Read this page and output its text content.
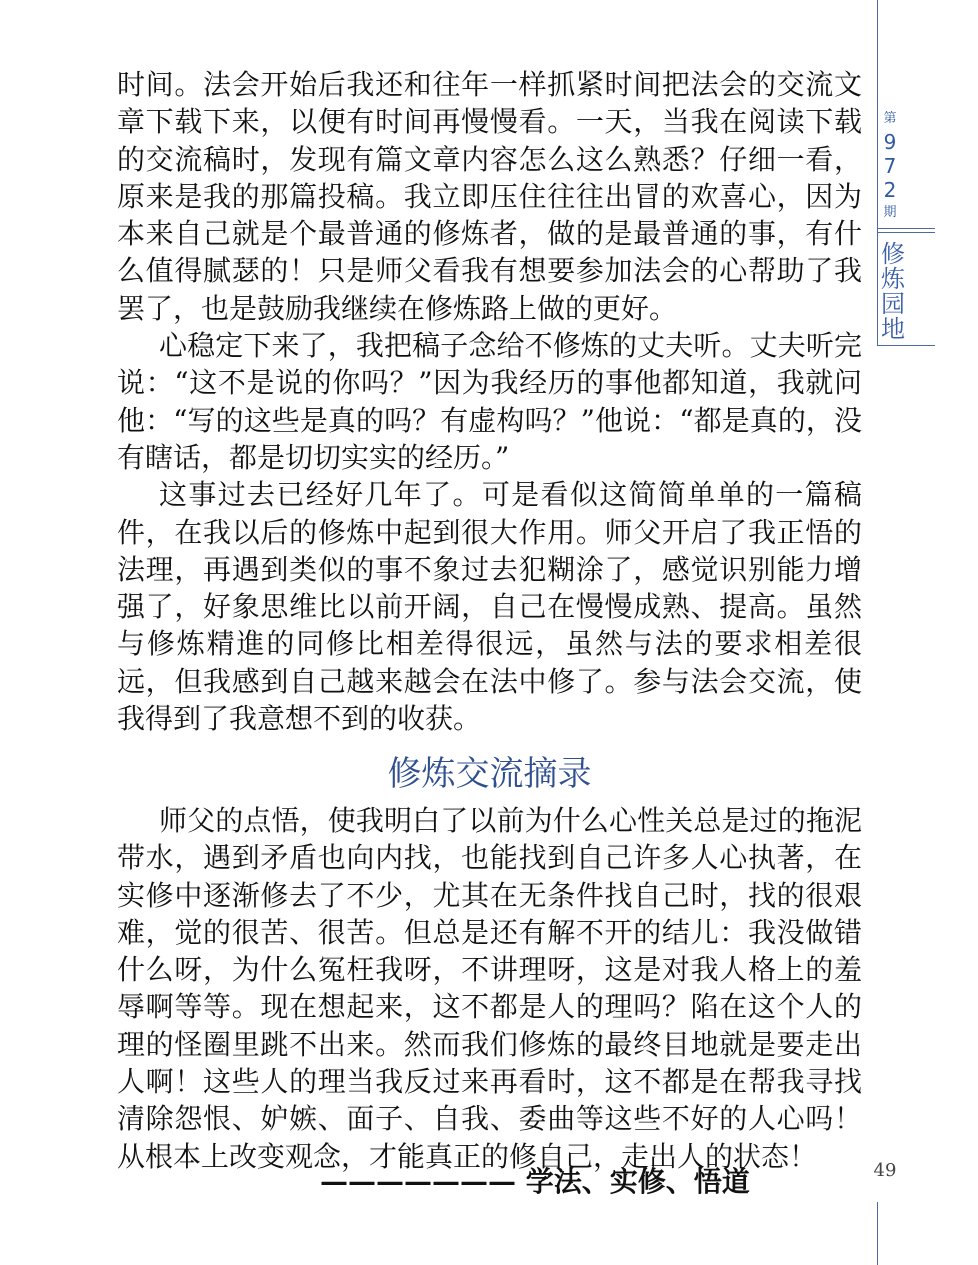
时间。法会开始后我还和往年一样抓紧时间把法会的交流文章下载下来，以便有时间再慢慢看。一天，当我在阅读下载的交流稿时，发现有篇文章内容怎么这么熟悉？仔细一看，原来是我的那篇投稿。我立即压住往往出冒的欢喜心，因为本来自己就是个最普通的修炼者，做的是最普通的事，有什么值得腻瑟的！只是师父看我有想要参加法会的心帮助了我罢了，也是鼓励我继续在修炼路上做的更好。

心稳定下来了，我把稿子念给不修炼的丈夫听。丈夫听完说：“这不是说的你吗？”因为我经历的事他都知道，我就问他：“写的这些是真的吗？有虚构吗？”他说：“都是真的，没有瞎话，都是切切实实的经历。”

这事过去已经好几年了。可是看似这简简单单的一篇稿件，在我以后的修炼中起到很大作用。师父开启了我正悟的法理，再遇到类似的事不象过去犯糊涂了，感觉识别能力增强了，好象思维比以前开阔，自己在慢慢成熟、提高。虽然与修炼精進的同修比相差得很远，虽然与法的要求相差很远，但我感到自己越来越会在法中修了。参与法会交流，使我得到了我意想不到的收获。

修炼交流摘录

师父的点悟，使我明白了以前为什么心性关总是过的拖泥带水，遇到矛盾也向内找，也能找到自己许多人心执著，在实修中逐渐修去了不少，尤其在无条件找自己时，找的很艰难，觉的很苦、很苦。但总是还有解不开的结儿：我没做错什么呀，为什么冤枉我呀，不讲理呀，这是对我人格上的羞辱啊等等。现在想起来，这不都是人的理吗？陷在这个人的理的怪圈里跳不出来。然而我们修炼的最终目地就是要走出人啊！这些人的理当我反过来再看时，这不都是在帮我寻找清除怨恨、妒嫉、面子、自我、委曲等这些不好的人心吗！从根本上改变观念，才能真正的修自己，走出人的状态！

——————— 学法、实修、悟道
第
9
7
2
期
修
炼
园
地
49
